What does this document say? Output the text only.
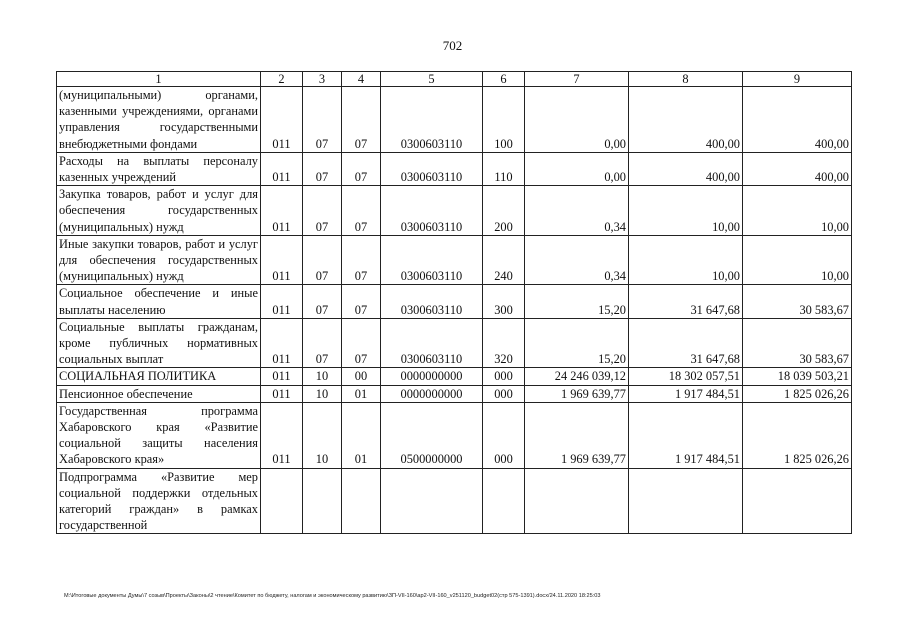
702
1	2	3	4	5	6	7	8	9
(муниципальными) органами, казенными учреждениями, органами управления государственными внебюджетными фондами	011	07	07	0300603110	100	0,00	400,00	400,00
Расходы на выплаты персоналу казенных учреждений	011	07	07	0300603110	110	0,00	400,00	400,00
Закупка товаров, работ и услуг для обеспечения государственных (муниципальных) нужд	011	07	07	0300603110	200	0,34	10,00	10,00
Иные закупки товаров, работ и услуг для обеспечения государственных (муниципальных) нужд	011	07	07	0300603110	240	0,34	10,00	10,00
Социальное обеспечение и иные выплаты населению	011	07	07	0300603110	300	15,20	31 647,68	30 583,67
Социальные выплаты гражданам, кроме публичных нормативных социальных выплат	011	07	07	0300603110	320	15,20	31 647,68	30 583,67
СОЦИАЛЬНАЯ ПОЛИТИКА	011	10	00	0000000000	000	24 246 039,12	18 302 057,51	18 039 503,21
Пенсионное обеспечение	011	10	01	0000000000	000	1 969 639,77	1 917 484,51	1 825 026,26
Государственная программа Хабаровского края «Развитие социальной защиты населения Хабаровского края»	011	10	01	0500000000	000	1 969 639,77	1 917 484,51	1 825 026,26
Подпрограмма «Развитие мер социальной поддержки отдельных категорий граждан» в рамках государственной								
М:\Итоговые документы Думы\7 созыв\Проекты\Законы\2 чтение\Комитет по бюджету, налогам и экономическому развитию\ЗП-VII-160\ap2-VII-160_v251120_budget02(стр 575-1391).docx/24.11.2020 18:25:03
